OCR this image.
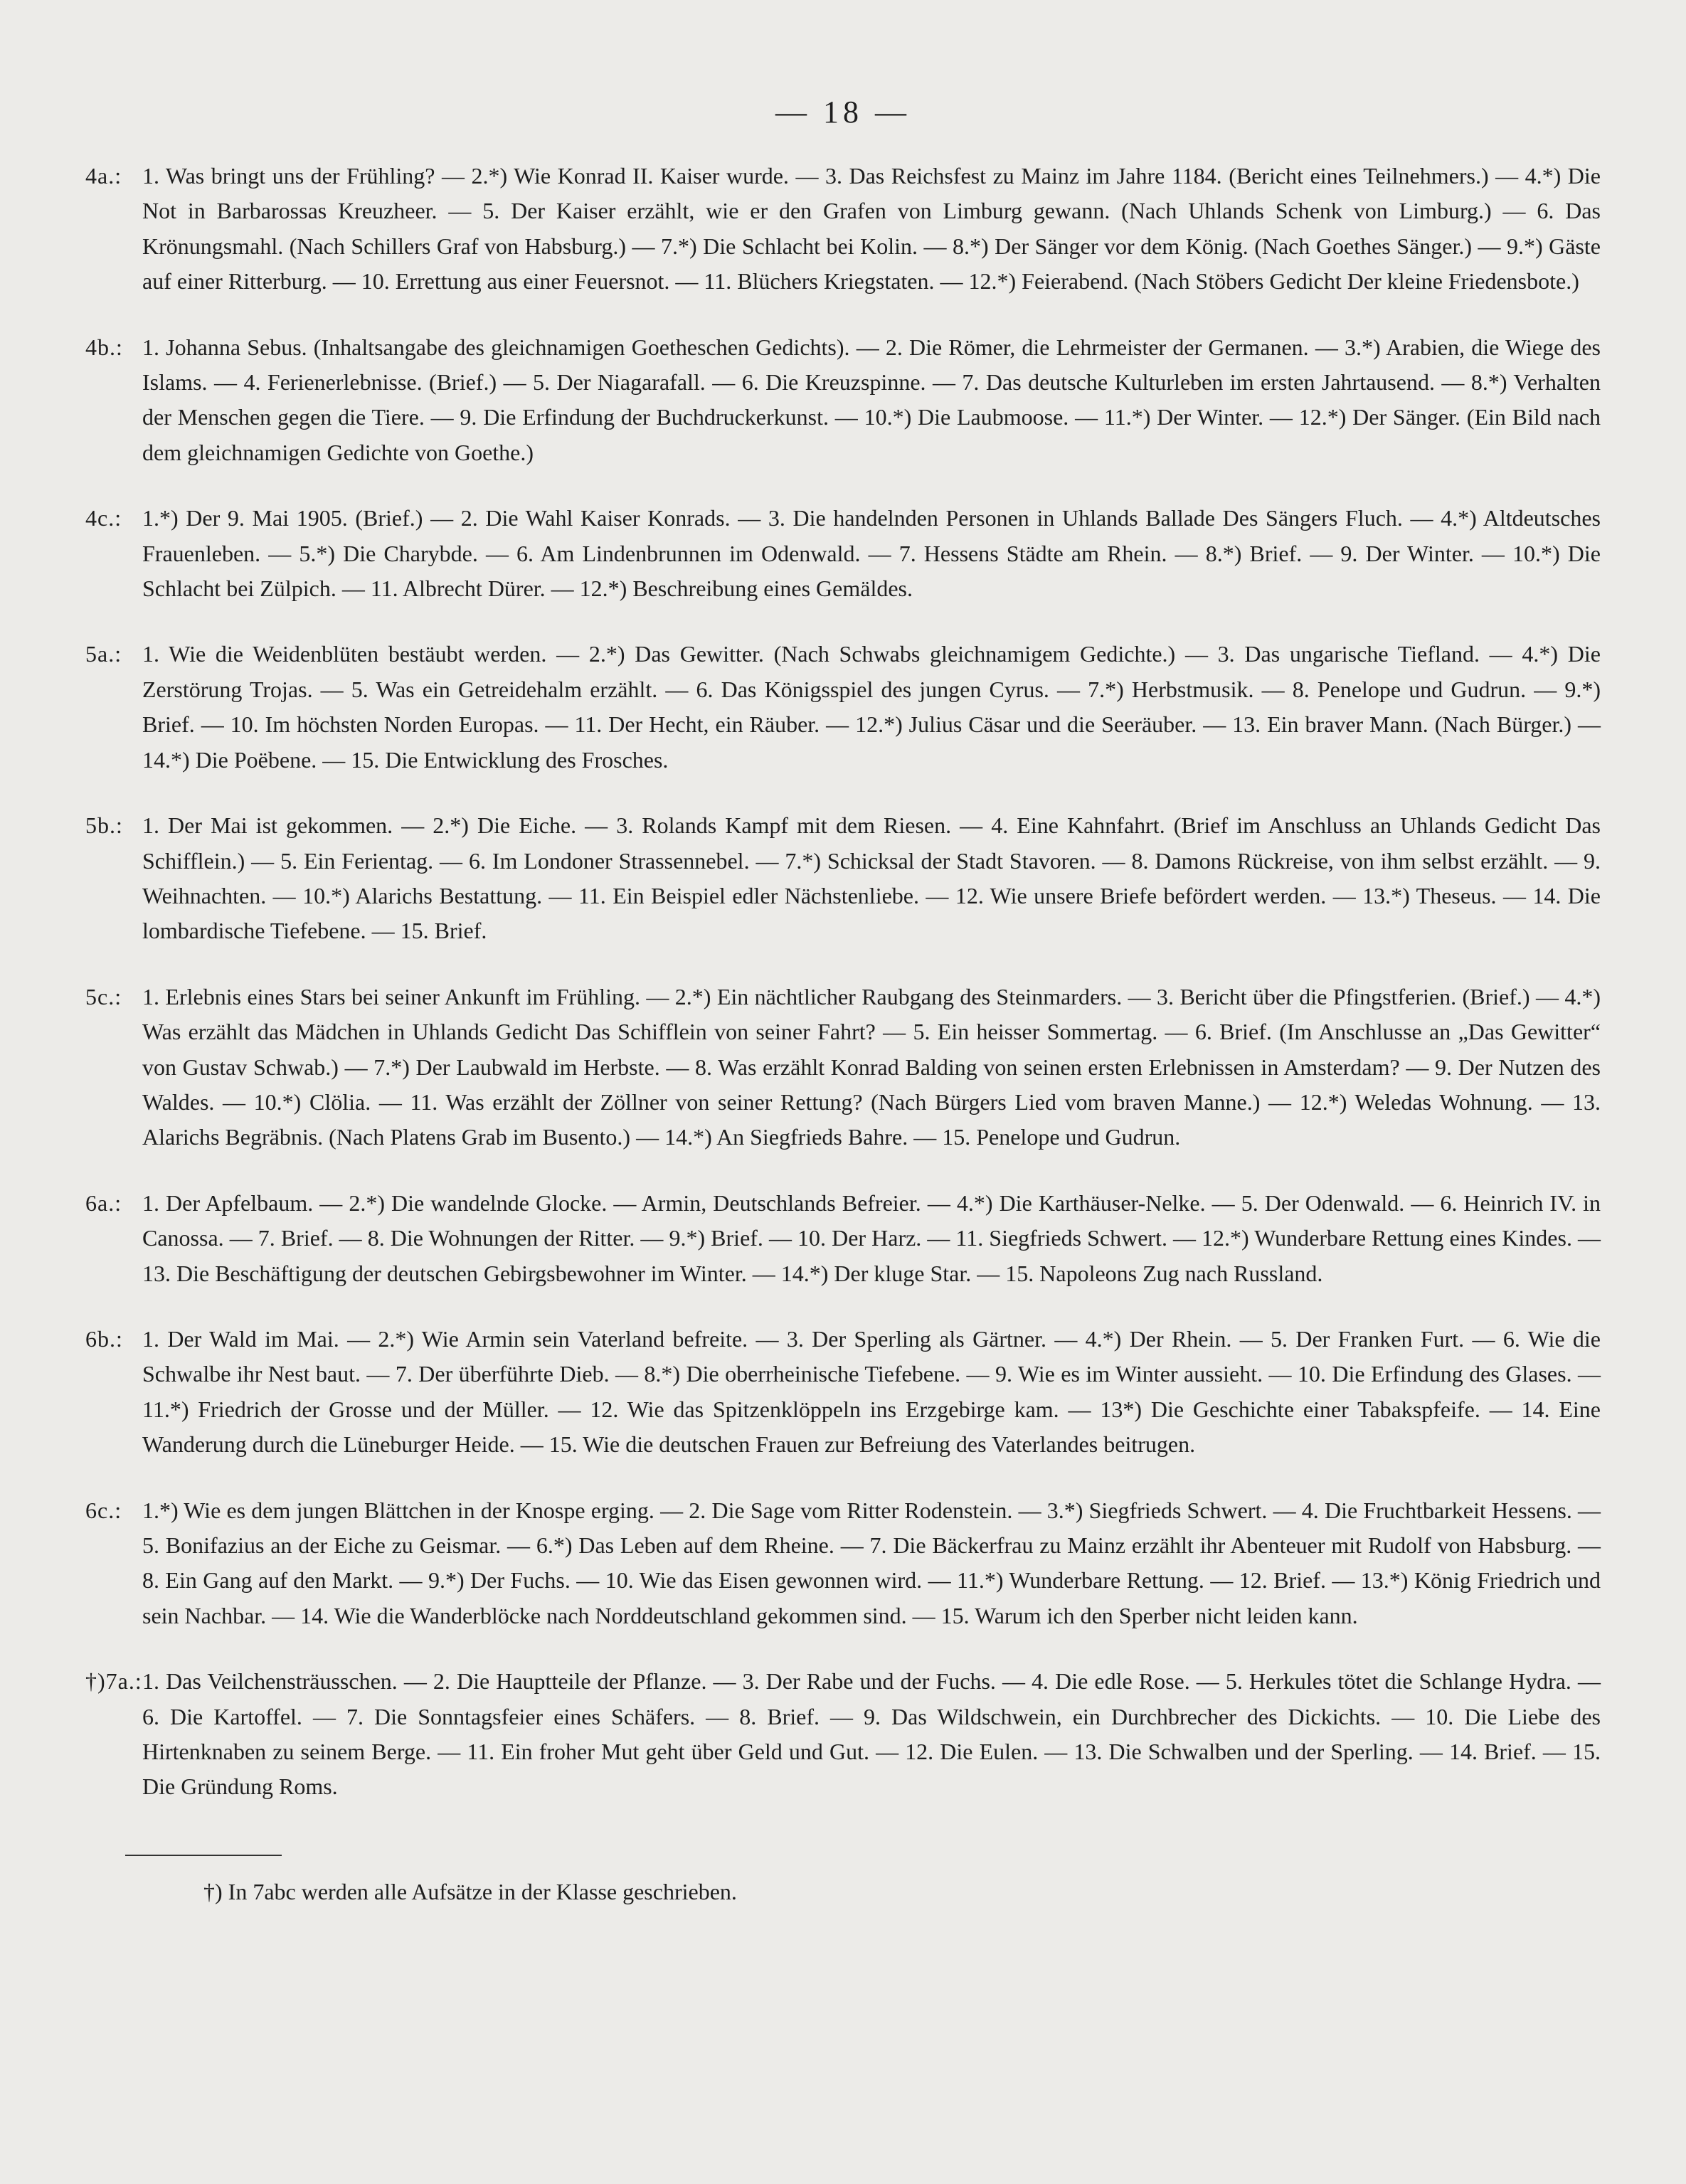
— 18 —
4a.: 1. Was bringt uns der Frühling? — 2.*) Wie Konrad II. Kaiser wurde. — 3. Das Reichsfest zu Mainz im Jahre 1184. (Bericht eines Teilnehmers.) — 4.*) Die Not in Barbarossas Kreuzheer. — 5. Der Kaiser erzählt, wie er den Grafen von Limburg gewann. (Nach Uhlands Schenk von Limburg.) — 6. Das Krönungsmahl. (Nach Schillers Graf von Habsburg.) — 7.*) Die Schlacht bei Kolin. — 8.*) Der Sänger vor dem König. (Nach Goethes Sänger.) — 9.*) Gäste auf einer Ritterburg. — 10. Errettung aus einer Feuersnot. — 11. Blüchers Kriegstaten. — 12.*) Feierabend. (Nach Stöbers Gedicht Der kleine Friedensbote.)
4b.: 1. Johanna Sebus. (Inhaltsangabe des gleichnamigen Goetheschen Gedichts). — 2. Die Römer, die Lehrmeister der Germanen. — 3.*) Arabien, die Wiege des Islams. — 4. Ferienerlebnisse. (Brief.) — 5. Der Niagarafall. — 6. Die Kreuzspinne. — 7. Das deutsche Kulturleben im ersten Jahrtausend. — 8.*) Verhalten der Menschen gegen die Tiere. — 9. Die Erfindung der Buchdruckerkunst. — 10.*) Die Laubmoose. — 11.*) Der Winter. — 12.*) Der Sänger. (Ein Bild nach dem gleichnamigen Gedichte von Goethe.)
4c.: 1.*) Der 9. Mai 1905. (Brief.) — 2. Die Wahl Kaiser Konrads. — 3. Die handelnden Personen in Uhlands Ballade Des Sängers Fluch. — 4.*) Altdeutsches Frauenleben. — 5.*) Die Charybde. — 6. Am Lindenbrunnen im Odenwald. — 7. Hessens Städte am Rhein. — 8.*) Brief. — 9. Der Winter. — 10.*) Die Schlacht bei Zülpich. — 11. Albrecht Dürer. — 12.*) Beschreibung eines Gemäldes.
5a.: 1. Wie die Weidenblüten bestäubt werden. — 2.*) Das Gewitter. (Nach Schwabs gleichnamigem Gedichte.) — 3. Das ungarische Tiefland. — 4.*) Die Zerstörung Trojas. — 5. Was ein Getreidehalm erzählt. — 6. Das Königsspiel des jungen Cyrus. — 7.*) Herbstmusik. — 8. Penelope und Gudrun. — 9.*) Brief. — 10. Im höchsten Norden Europas. — 11. Der Hecht, ein Räuber. — 12.*) Julius Cäsar und die Seeräuber. — 13. Ein braver Mann. (Nach Bürger.) — 14.*) Die Poëbene. — 15. Die Entwicklung des Frosches.
5b.: 1. Der Mai ist gekommen. — 2.*) Die Eiche. — 3. Rolands Kampf mit dem Riesen. — 4. Eine Kahnfahrt. (Brief im Anschluss an Uhlands Gedicht Das Schifflein.) — 5. Ein Ferientag. — 6. Im Londoner Strassennebel. — 7.*) Schicksal der Stadt Stavoren. — 8. Damons Rückreise, von ihm selbst erzählt. — 9. Weihnachten. — 10.*) Alarichs Bestattung. — 11. Ein Beispiel edler Nächstenliebe. — 12. Wie unsere Briefe befördert werden. — 13.*) Theseus. — 14. Die lombardische Tiefebene. — 15. Brief.
5c.: 1. Erlebnis eines Stars bei seiner Ankunft im Frühling. — 2.*) Ein nächtlicher Raubgang des Steinmarders. — 3. Bericht über die Pfingstferien. (Brief.) — 4.*) Was erzählt das Mädchen in Uhlands Gedicht Das Schifflein von seiner Fahrt? — 5. Ein heisser Sommertag. — 6. Brief. (Im Anschlusse an „Das Gewitter“ von Gustav Schwab.) — 7.*) Der Laubwald im Herbste. — 8. Was erzählt Konrad Balding von seinen ersten Erlebnissen in Amsterdam? — 9. Der Nutzen des Waldes. — 10.*) Clölia. — 11. Was erzählt der Zöllner von seiner Rettung? (Nach Bürgers Lied vom braven Manne.) — 12.*) Weledas Wohnung. — 13. Alarichs Begräbnis. (Nach Platens Grab im Busento.) — 14.*) An Siegfrieds Bahre. — 15. Penelope und Gudrun.
6a.: 1. Der Apfelbaum. — 2.*) Die wandelnde Glocke. — Armin, Deutschlands Befreier. — 4.*) Die Karthäuser-Nelke. — 5. Der Odenwald. — 6. Heinrich IV. in Canossa. — 7. Brief. — 8. Die Wohnungen der Ritter. — 9.*) Brief. — 10. Der Harz. — 11. Siegfrieds Schwert. — 12.*) Wunderbare Rettung eines Kindes. — 13. Die Beschäftigung der deutschen Gebirgsbewohner im Winter. — 14.*) Der kluge Star. — 15. Napoleons Zug nach Russland.
6b.: 1. Der Wald im Mai. — 2.*) Wie Armin sein Vaterland befreite. — 3. Der Sperling als Gärtner. — 4.*) Der Rhein. — 5. Der Franken Furt. — 6. Wie die Schwalbe ihr Nest baut. — 7. Der überführte Dieb. — 8.*) Die oberrheinische Tiefebene. — 9. Wie es im Winter aussieht. — 10. Die Erfindung des Glases. — 11.*) Friedrich der Grosse und der Müller. — 12. Wie das Spitzenklöppeln ins Erzgebirge kam. — 13*) Die Geschichte einer Tabakspfeife. — 14. Eine Wanderung durch die Lüneburger Heide. — 15. Wie die deutschen Frauen zur Befreiung des Vaterlandes beitrugen.
6c.: 1.*) Wie es dem jungen Blättchen in der Knospe erging. — 2. Die Sage vom Ritter Rodenstein. — 3.*) Siegfrieds Schwert. — 4. Die Fruchtbarkeit Hessens. — 5. Bonifazius an der Eiche zu Geismar. — 6.*) Das Leben auf dem Rheine. — 7. Die Bäckerfrau zu Mainz erzählt ihr Abenteuer mit Rudolf von Habsburg. — 8. Ein Gang auf den Markt. — 9.*) Der Fuchs. — 10. Wie das Eisen gewonnen wird. — 11.*) Wunderbare Rettung. — 12. Brief. — 13.*) König Friedrich und sein Nachbar. — 14. Wie die Wanderblöcke nach Norddeutschland gekommen sind. — 15. Warum ich den Sperber nicht leiden kann.
†)7a.: 1. Das Veilchensträusschen. — 2. Die Hauptteile der Pflanze. — 3. Der Rabe und der Fuchs. — 4. Die edle Rose. — 5. Herkules tötet die Schlange Hydra. — 6. Die Kartoffel. — 7. Die Sonntagsfeier eines Schäfers. — 8. Brief. — 9. Das Wildschwein, ein Durchbrecher des Dickichts. — 10. Die Liebe des Hirtenknaben zu seinem Berge. — 11. Ein froher Mut geht über Geld und Gut. — 12. Die Eulen. — 13. Die Schwalben und der Sperling. — 14. Brief. — 15. Die Gründung Roms.
†) In 7abc werden alle Aufsätze in der Klasse geschrieben.
